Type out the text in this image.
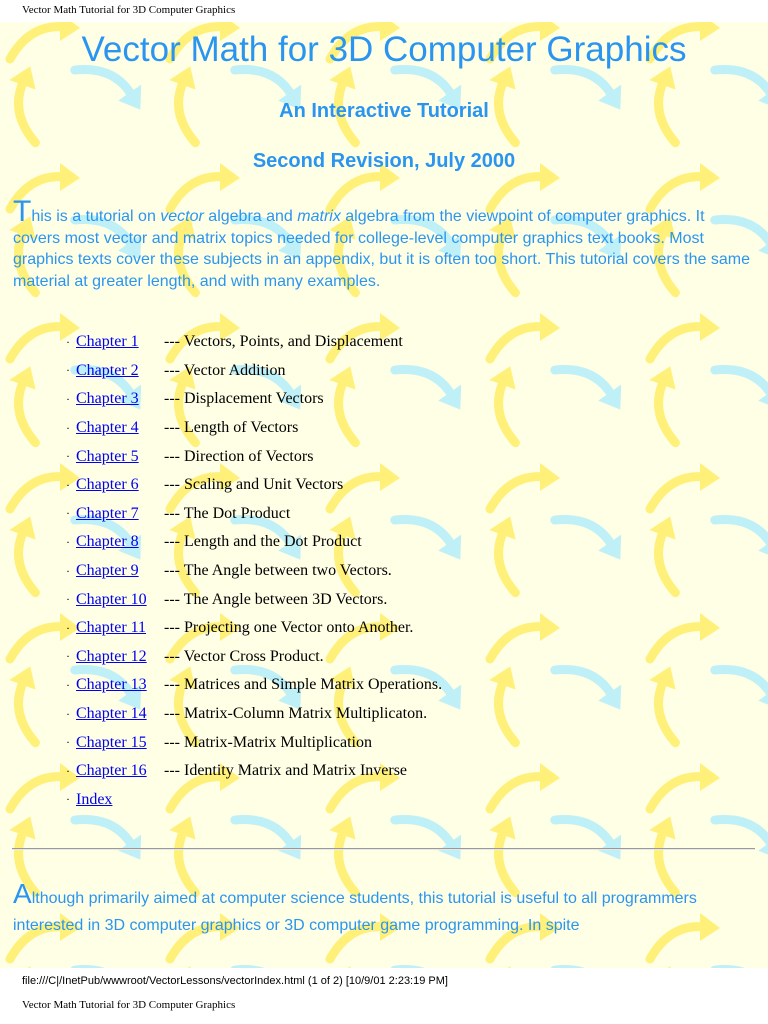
Vector Math Tutorial for 3D Computer Graphics
Vector Math for 3D Computer Graphics
An Interactive Tutorial
Second Revision, July 2000

This is a tutorial on vector algebra and matrix algebra from the viewpoint of computer graphics. It covers most vector and matrix topics needed for college-level computer graphics text books. Most graphics texts cover these subjects in an appendix, but it is often too short. This tutorial covers the same material at greater length, and with many examples.

· Chapter 1	--- Vectors, Points, and Displacement
· Chapter 2	--- Vector Addition
· Chapter 3	--- Displacement Vectors
· Chapter 4	--- Length of Vectors
· Chapter 5	--- Direction of Vectors
· Chapter 6	--- Scaling and Unit Vectors
· Chapter 7	--- The Dot Product
· Chapter 8	--- Length and the Dot Product
· Chapter 9	--- The Angle between two Vectors.
· Chapter 10	--- The Angle between 3D Vectors.
· Chapter 11	--- Projecting one Vector onto Another.
· Chapter 12	--- Vector Cross Product.
· Chapter 13	--- Matrices and Simple Matrix Operations.
· Chapter 14	--- Matrix-Column Matrix Multiplicaton.
· Chapter 15	--- Matrix-Matrix Multiplication
· Chapter 16	--- Identity Matrix and Matrix Inverse
· Index

Although primarily aimed at computer science students, this tutorial is useful to all programmers interested in 3D computer graphics or 3D computer game programming. In spite

file:///C|/InetPub/wwwroot/VectorLessons/vectorIndex.html (1 of 2) [10/9/01 2:23:19 PM]
Vector Math Tutorial for 3D Computer Graphics
